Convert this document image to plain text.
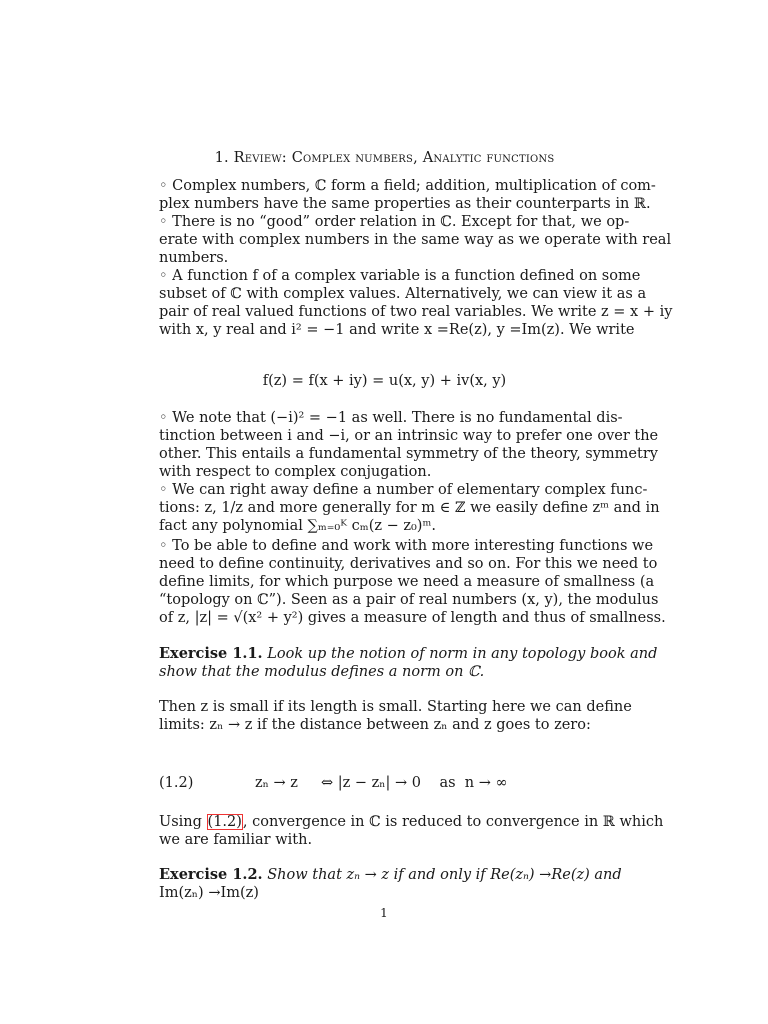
1. Review: Complex numbers, Analytic functions
◦ Complex numbers, ℂ form a field; addition, multiplication of com-
plex numbers have the same properties as their counterparts in ℝ.
◦ There is no “good” order relation in ℂ. Except for that, we op-
erate with complex numbers in the same way as we operate with real
numbers.
◦ A function f of a complex variable is a function defined on some
subset of ℂ with complex values. Alternatively, we can view it as a
pair of real valued functions of two real variables. We write z = x + iy
with x, y real and i² = −1 and write x =Re(z), y =Im(z). We write
f(z) = f(x + iy) = u(x, y) + iv(x, y)
◦ We note that (−i)² = −1 as well. There is no fundamental dis-
tinction between i and −i, or an intrinsic way to prefer one over the
other. This entails a fundamental symmetry of the theory, symmetry
with respect to complex conjugation.
◦ We can right away define a number of elementary complex func-
tions: z, 1/z and more generally for m ∈ ℤ we easily define zᵐ and in
fact any polynomial ∑ₘ₌₀ᴷ cₘ(z − z₀)ᵐ.
◦ To be able to define and work with more interesting functions we
need to define continuity, derivatives and so on. For this we need to
define limits, for which purpose we need a measure of smallness (a
“topology on ℂ”). Seen as a pair of real numbers (x, y), the modulus
of z, |z| = √(x² + y²) gives a measure of length and thus of smallness.
Exercise 1.1. Look up the notion of norm in any topology book and
show that the modulus defines a norm on ℂ.
Then z is small if its length is small. Starting here we can define
limits: zₙ → z if the distance between zₙ and z goes to zero:
(1.2)	zₙ → z     ⇔ |z − zₙ| → 0    as  n → ∞
Using (1.2), convergence in ℂ is reduced to convergence in ℝ which
we are familiar with.
Exercise 1.2. Show that zₙ → z if and only if Re(zₙ) →Re(z) and
Im(zₙ) →Im(z)
1
